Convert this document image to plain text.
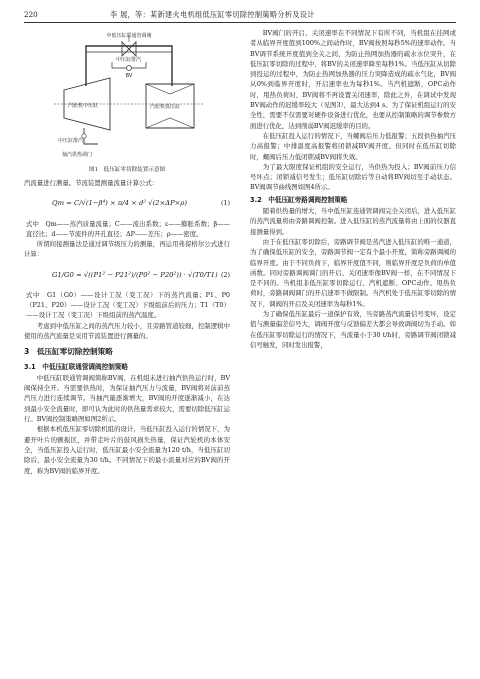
220	李 展，等：某新建火电机组低压缸零切除控制策略分析及设计
中低压缸联通管调阀
中压缸排汽
BV
汽轮机中压缸	汽轮机低压缸
中压缸排汽
抽汽供热调门
图1　低压缸零切除装置示意图

汽流量进行测量。节流装置测量流量计算公式：

Qm = C/√(1−β⁴) × π/4 × d² √(2×ΔP×ρ)	(1)

式中　Qm——蒸汽质量流量；C——流出系数；ε——膨胀系数；β——直径比；d——节流件的开孔直径；ΔP——差压；ρ——密度。

所谓间接测量法是通过调节级压力的测量，再运用弗留格尔公式进行计算：

G1/G0 = √((P1² − P21²)/(P0² − P20²)) · √(T0/T1) (2)

式中　G1（G0）——设计工况（变工况）下的蒸汽流量；P1、P0（P21、P20）——设计工况（变工况）下级组前后的压力；T1（T0）——设计工况（变工况）下级组前的蒸汽温度。

考虑到中低压缸之间的蒸汽压力较小，且旁路管道较细，控制逻辑中使用的蒸汽流量是采用节流装置进行测量的。

3　低压缸零切除控制策略
3.1　中低压缸联通管调阀控制策略

中低压缸联通管调阀简称BV阀，在机组未进行抽汽供热运行时，BV阀保持全开。当需要供热时，为保证抽汽压力与流量，BV阀将对前前蒸汽压力进行连续调节。当抽汽量逐渐增大，BV阀的开度逐渐减小，在达到最小安全流量时，即可认为此时的供热量需求较大，需要切除低压缸运行。BV阀控制策略图如图2所示。

根据本机低压缸零切除机组的设计，当低压缸投入运行的情况下，为避开叶片的颤振区，并带走叶片的鼓风损失热量，保证汽轮机的本体安全，当低压缸投入运行时，低压缸最小安全流量为120 t/h，当低压缸切除后，最小安全流量为30 t/h。不同情况下的最小流量对应的BV阀的开度，称为BV阀的临界开度。

BV阀门的开启、关闭速率在不同情况下有所不同，当机组在挂网或者从临界开度值到100%之间动作时，BV阀按照每秒5%的速率动作。当BV调节系统开度值到全关之间，为防止热网加热器的疏水水位突升，在低压缸零切除的过程中，将BV的关闭速率降至每秒1%。当低压缸从切除到投运的过程中，为防止热网加热器的压力突降造成的疏水气化，BV阀从0%到临界开度时，开启速率也为每秒1%。当汽机遮断，OPC动作时，甩热负荷时，BV阀将不再设置关闭速率，除此之外，在调试中发现BV阀动作的迟缓率较大（见图3），最大达到4 s。为了保证机组运行的安全性，需要不仅需要对硬件设备进行优化，也要从控制策略的调节参数方面进行优化，达到削弱BV阀迟缓率的目的。

在低压缸投入运行的情况下，当螺阀后压力低报警；五段供热抽汽压力高报警；中排温度高报警将闭锁减BV阀开度。但同时在低压缸切除时，螺阀后压力低闭锁减BV阀将失效。

为了最大限度保证机组的安全运行，当供热为投入；BV阀前压力信号坏点；闭锁减信号发生；低压缸切除后等自动将BV阀切至手动状态。BV阀调节曲线图如图4所示。

3.2　中低压缸旁路调阀控制策略

随着供热量的增大，当中低压缸连通管调阀完全关闭后，进入低压缸的蒸汽流量将由旁路调阀控制。进入低压缸的蒸汽流量将由上面的仪器直接测量得到。

由于在低压缸零切除后，旁路调节阀是蒸汽进入低压缸的唯一通道，为了确保低压缸的安全，旁路调节阀一定有个最小开度，简称旁路调阀的临界开度。由于不同负荷下，临界开度值不同，则临界开度是负荷的单值函数。同时旁路调阀调门的开启、关闭速率像BV阀一样，在不同情况下是不同的。当机组非低压缸零切除运行、汽机遮断、OPC动作、甩热负荷时，旁路调阀调门的开启速率不做限制。当汽机处于低压缸零切除的情况下，调阀的开启及关闭速率为每秒1%。

为了确保低压缸最后一道保护有效，当旁路蒸汽流量信号变坏，设定值与测量偏差信号大，调阀开度与反馈偏差大都会导致调阀切为手动。如在低压缸零切除运行的情况下，当流量小于30 t/h时，旁路调节阀闭锁减信号触发，同时发出报警，
